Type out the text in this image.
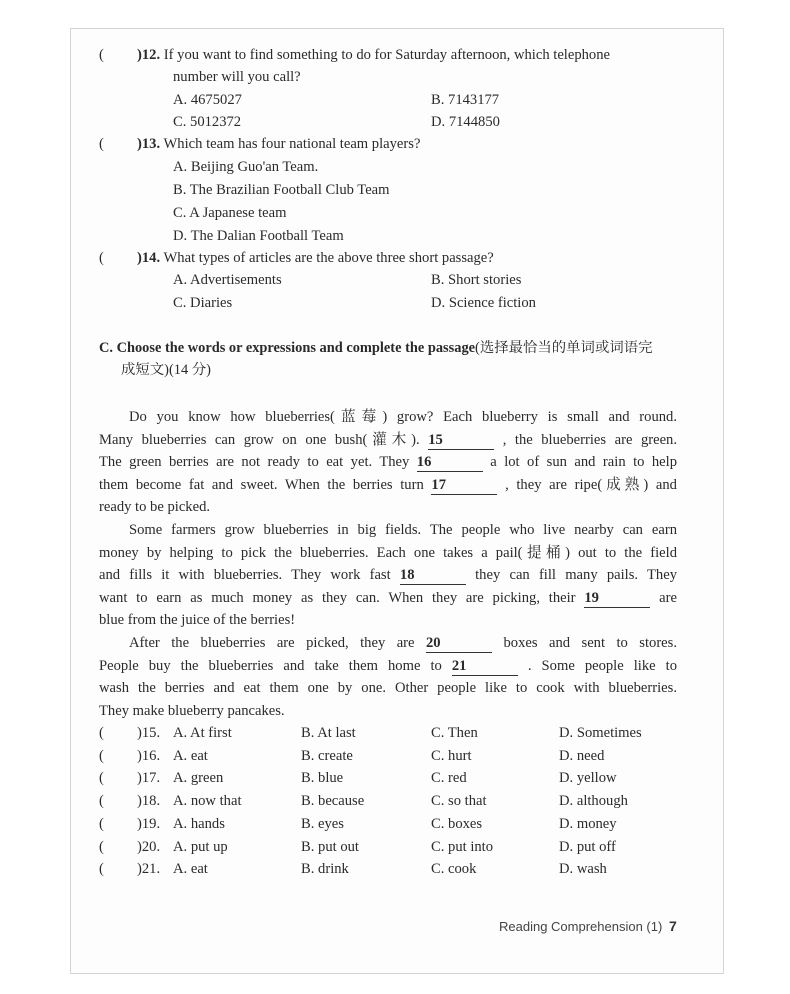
( )12. If you want to find something to do for Saturday afternoon, which telephone
number will you call?
A. 4675027	B. 7143177
C. 5012372	D. 7144850
( )13. Which team has four national team players?
A. Beijing Guo'an Team.
B. The Brazilian Football Club Team
C. A Japanese team
D. The Dalian Football Team
( )14. What types of articles are the above three short passage?
A. Advertisements	B. Short stories
C. Diaries	D. Science fiction
C. Choose the words or expressions and complete the passage(选择最恰当的单词或词语完
成短文)(14 分)
Do you know how blueberries(蓝莓) grow? Each blueberry is small and round.
Many blueberries can grow on one bush(灌木). 15	, the blueberries are green.
The green berries are not ready to eat yet. They 16	a lot of sun and rain to help
them become fat and sweet. When the berries turn 17	, they are ripe(成熟) and
ready to be picked.
Some farmers grow blueberries in big fields. The people who live nearby can earn
money by helping to pick the blueberries. Each one takes a pail(提桶) out to the field
and fills it with blueberries. They work fast 18	they can fill many pails. They
want to earn as much money as they can. When they are picking, their 19	are
blue from the juice of the berries!
After the blueberries are picked, they are 20	boxes and sent to stores.
People buy the blueberries and take them home to 21	. Some people like to
wash the berries and eat them one by one. Other people like to cook with blueberries.
They make blueberry pancakes.
( )15. A. At first	B. At last	C. Then	D. Sometimes
( )16. A. eat	B. create	C. hurt	D. need
( )17. A. green	B. blue	C. red	D. yellow
( )18. A. now that	B. because	C. so that	D. although
( )19. A. hands	B. eyes	C. boxes	D. money
( )20. A. put up	B. put out	C. put into	D. put off
( )21. A. eat	B. drink	C. cook	D. wash
Reading Comprehension (1) 7
